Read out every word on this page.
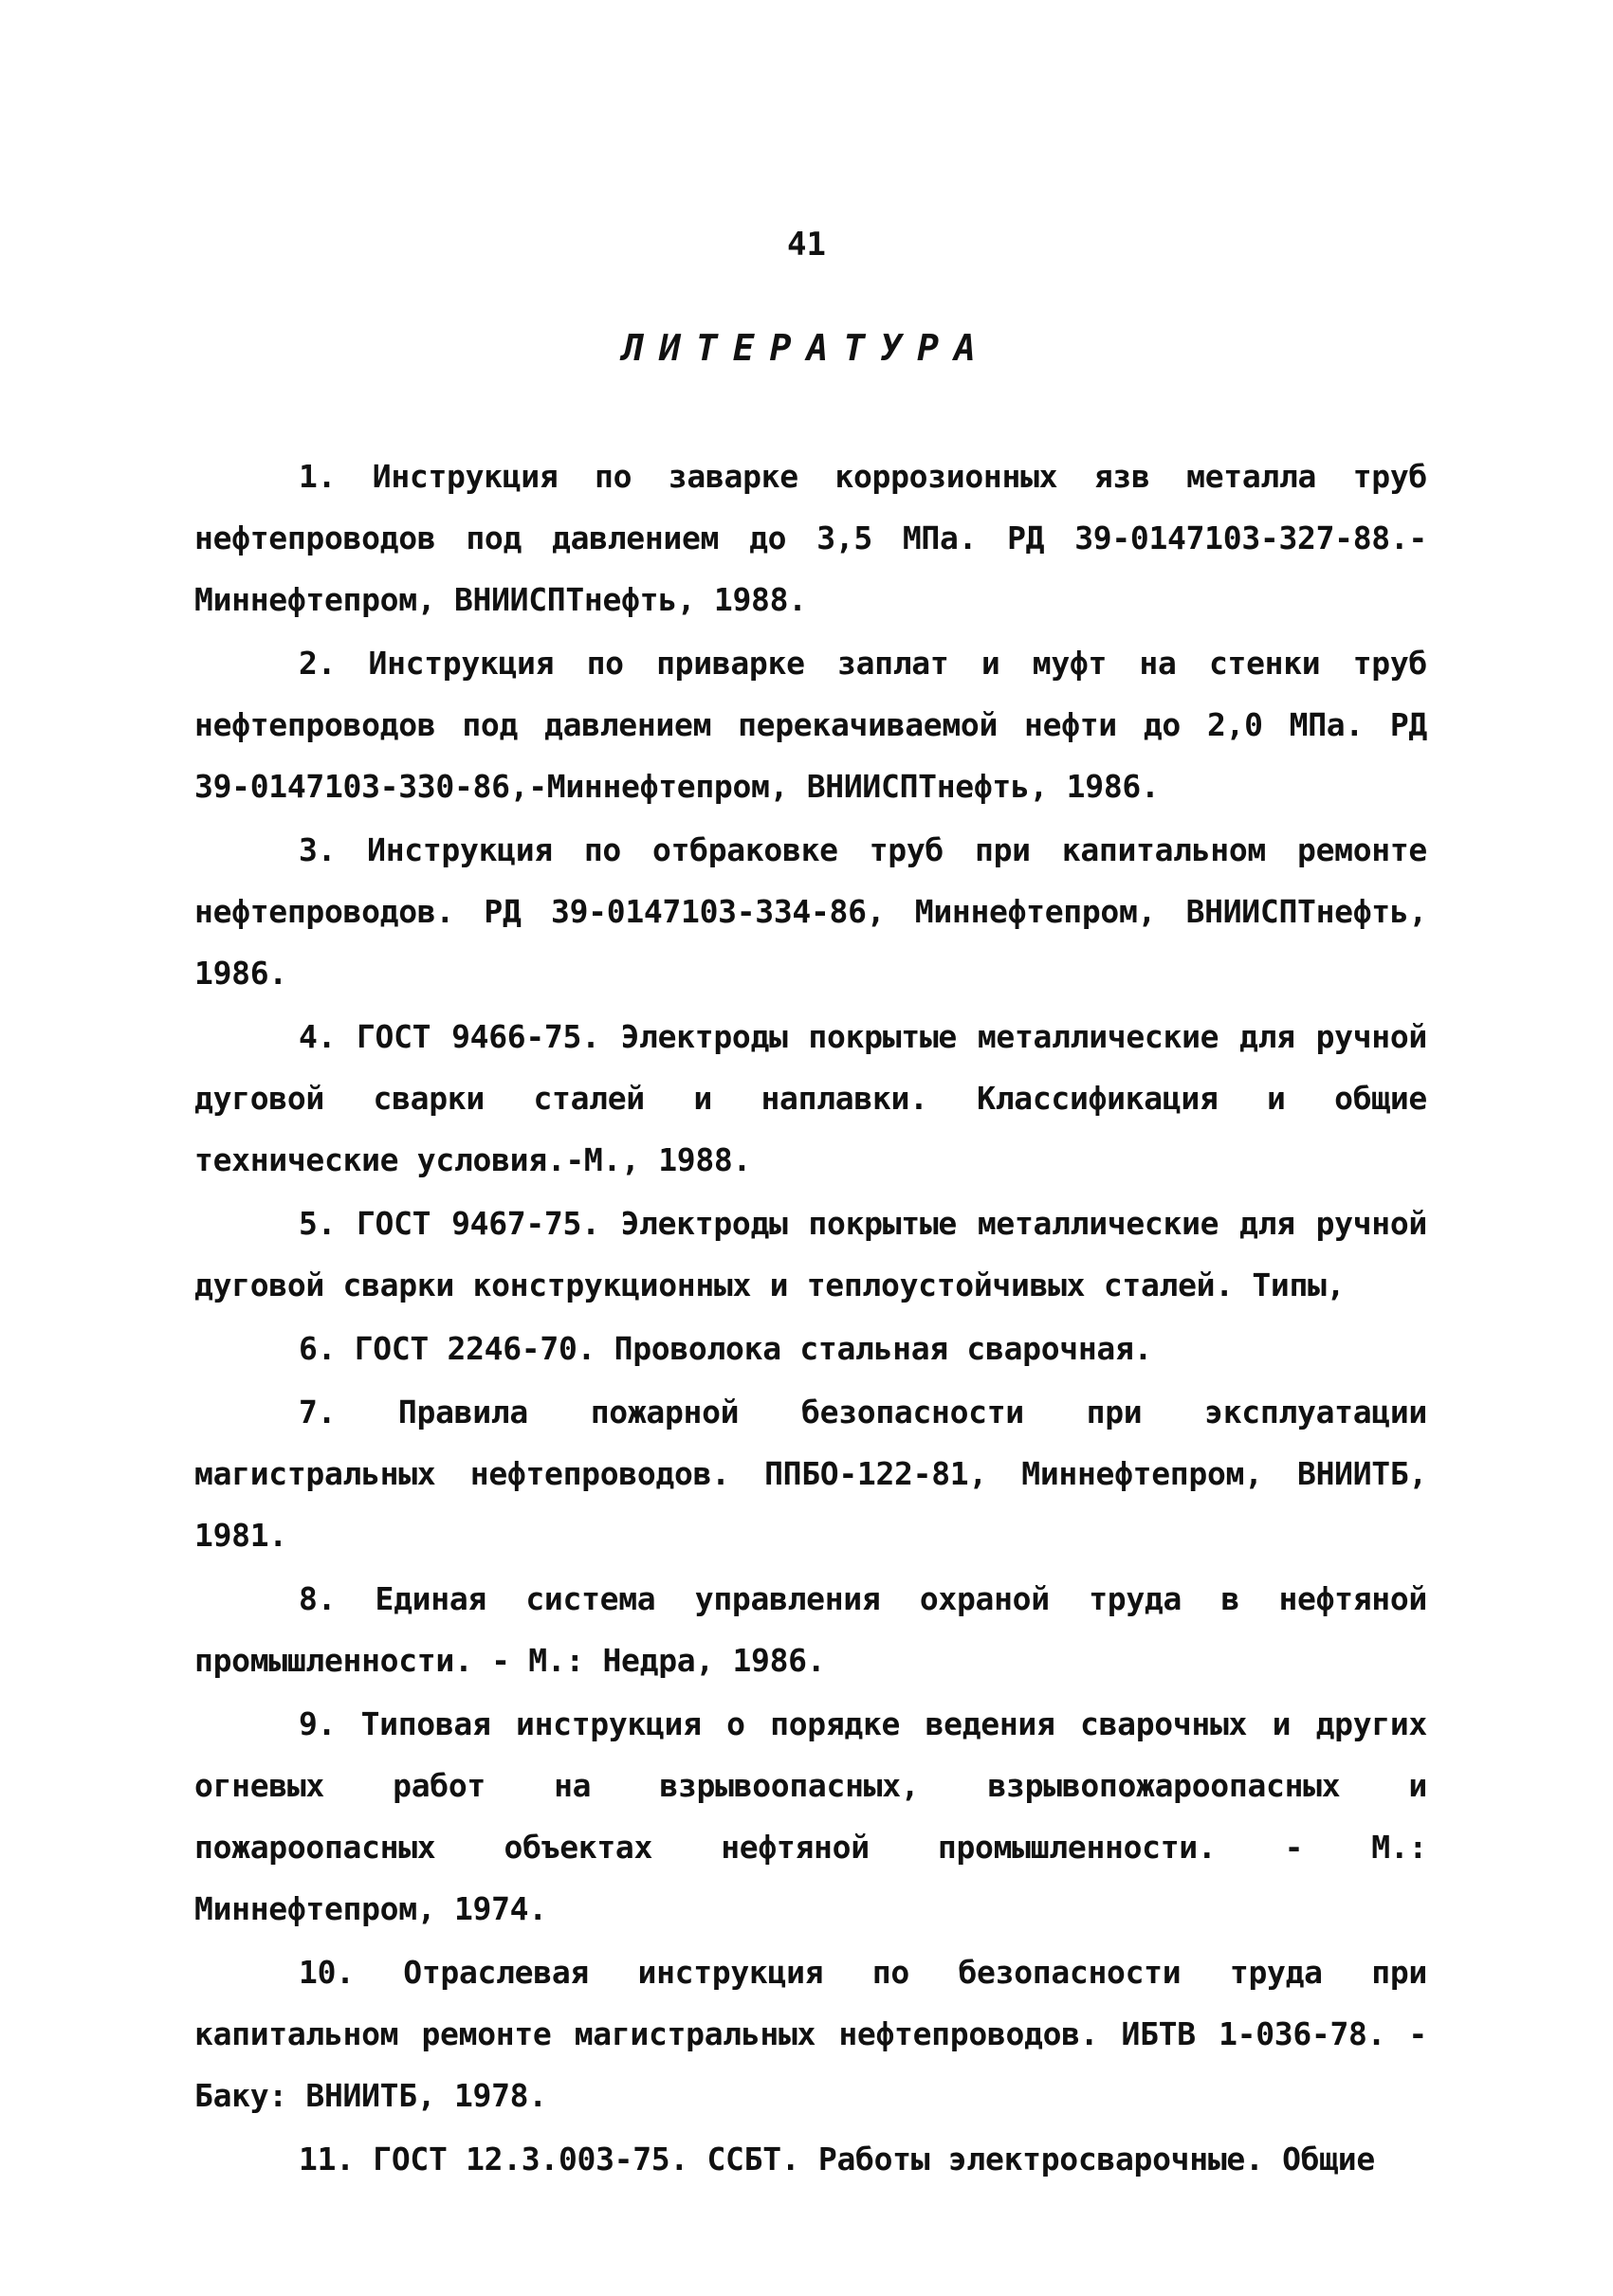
41
ЛИТЕРАТУРА

1. Инструкция по заварке коррозионных язв металла труб нефтепроводов под давлением до 3,5 МПа. РД 39-0147103-327-88.-Миннефтепром, ВНИИСПТнефть, 1988.

2. Инструкция по приварке заплат и муфт на стенки труб нефтепроводов под давлением перекачиваемой нефти до 2,0 МПа. РД 39-0147103-330-86,-Миннефтепром, ВНИИСПТнефть, 1986.

3. Инструкция по отбраковке труб при капитальном ремонте нефтепроводов. РД 39-0147103-334-86, Миннефтепром, ВНИИСПТнефть, 1986.

4. ГОСТ 9466-75. Электроды покрытые металлические для ручной дуговой сварки сталей и наплавки. Классификация и общие технические условия.-М., 1988.

5. ГОСТ 9467-75. Электроды покрытые металлические для ручной дуговой сварки конструкционных и теплоустойчивых сталей. Типы,

6. ГОСТ 2246-70. Проволока стальная сварочная.

7. Правила пожарной безопасности при эксплуатации магистральных нефтепроводов. ППБО-122-81, Миннефтепром, ВНИИТБ, 1981.

8. Единая система управления охраной труда в нефтяной промышленности. - М.: Недра, 1986.

9. Типовая инструкция о порядке ведения сварочных и других огневых работ на взрывоопасных, взрывопожароопасных и пожароопасных объектах нефтяной промышленности. - М.: Миннефтепром, 1974.

10. Отраслевая инструкция по безопасности труда при капитальном ремонте магистральных нефтепроводов. ИБТВ 1-036-78. - Баку: ВНИИТБ, 1978.

11. ГОСТ 12.3.003-75. ССБТ. Работы электросварочные. Общие
